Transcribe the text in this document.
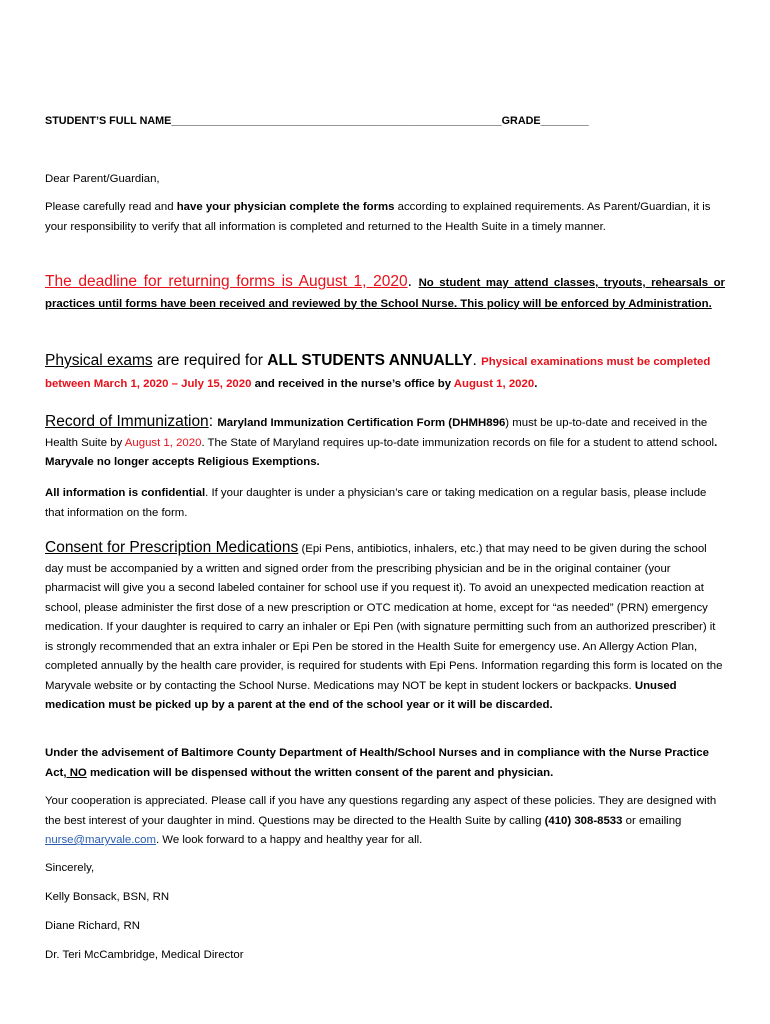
STUDENT’S FULL NAME_______________________________________________________GRADE________
Dear Parent/Guardian,
Please carefully read and have your physician complete the forms according to explained requirements. As Parent/Guardian, it is your responsibility to verify that all information is completed and returned to the Health Suite in a timely manner.
The deadline for returning forms is August 1, 2020. No student may attend classes, tryouts, rehearsals or practices until forms have been received and reviewed by the School Nurse. This policy will be enforced by Administration.
Physical exams are required for ALL STUDENTS ANNUALLY. Physical examinations must be completed between March 1, 2020 – July 15, 2020 and received in the nurse’s office by August 1, 2020.
Record of Immunization: Maryland Immunization Certification Form (DHMH896) must be up-to-date and received in the Health Suite by August 1, 2020. The State of Maryland requires up-to-date immunization records on file for a student to attend school. Maryvale no longer accepts Religious Exemptions.
All information is confidential. If your daughter is under a physician’s care or taking medication on a regular basis, please include that information on the form.
Consent for Prescription Medications (Epi Pens, antibiotics, inhalers, etc.) that may need to be given during the school day must be accompanied by a written and signed order from the prescribing physician and be in the original container (your pharmacist will give you a second labeled container for school use if you request it). To avoid an unexpected medication reaction at school, please administer the first dose of a new prescription or OTC medication at home, except for “as needed” (PRN) emergency medication. If your daughter is required to carry an inhaler or Epi Pen (with signature permitting such from an authorized prescriber) it is strongly recommended that an extra inhaler or Epi Pen be stored in the Health Suite for emergency use. An Allergy Action Plan, completed annually by the health care provider, is required for students with Epi Pens. Information regarding this form is located on the Maryvale website or by contacting the School Nurse. Medications may NOT be kept in student lockers or backpacks. Unused medication must be picked up by a parent at the end of the school year or it will be discarded.
Under the advisement of Baltimore County Department of Health/School Nurses and in compliance with the Nurse Practice Act, NO medication will be dispensed without the written consent of the parent and physician.
Your cooperation is appreciated. Please call if you have any questions regarding any aspect of these policies. They are designed with the best interest of your daughter in mind. Questions may be directed to the Health Suite by calling (410) 308-8533 or emailing nurse@maryvale.com. We look forward to a happy and healthy year for all.
Sincerely,
Kelly Bonsack, BSN, RN
Diane Richard, RN
Dr. Teri McCambridge, Medical Director
